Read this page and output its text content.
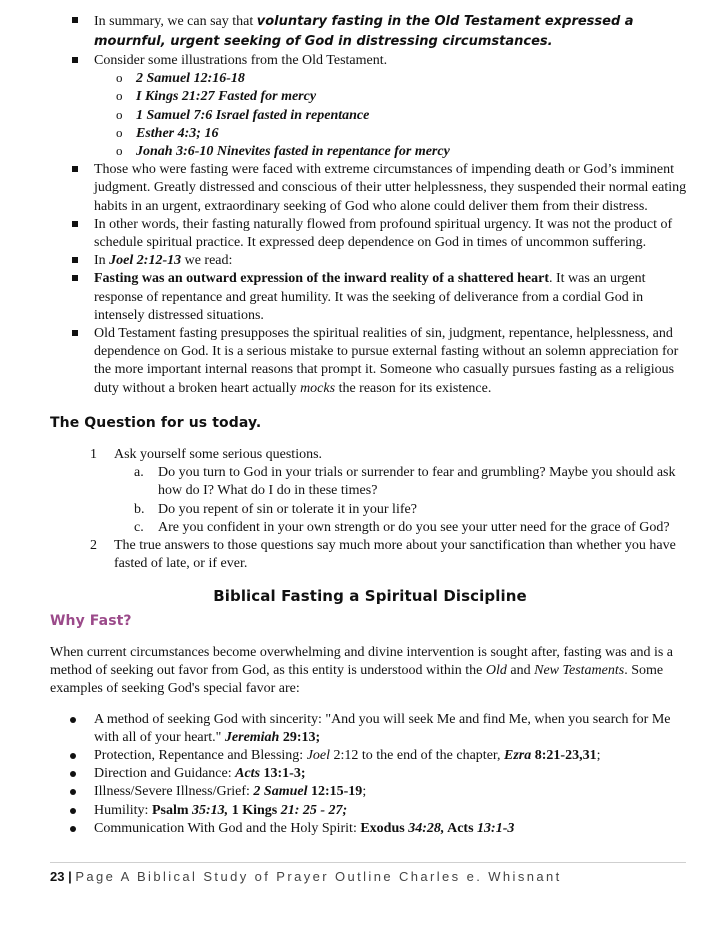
In summary, we can say that voluntary fasting in the Old Testament expressed a mournful, urgent seeking of God in distressing circumstances.
Consider some illustrations from the Old Testament.
o 2 Samuel 12:16-18
o I Kings 21:27 Fasted for mercy
o 1 Samuel 7:6 Israel fasted in repentance
o Esther 4:3; 16
o Jonah 3:6-10 Ninevites fasted in repentance for mercy
Those who were fasting were faced with extreme circumstances of impending death or God’s imminent judgment. Greatly distressed and conscious of their utter helplessness, they suspended their normal eating habits in an urgent, extraordinary seeking of God who alone could deliver them from their distress.
In other words, their fasting naturally flowed from profound spiritual urgency. It was not the product of schedule spiritual practice. It expressed deep dependence on God in times of uncommon suffering.
In Joel 2:12-13 we read:
Fasting was an outward expression of the inward reality of a shattered heart. It was an urgent response of repentance and great humility. It was the seeking of deliverance from a cordial God in intensely distressed situations.
Old Testament fasting presupposes the spiritual realities of sin, judgment, repentance, helplessness, and dependence on God. It is a serious mistake to pursue external fasting without an solemn appreciation for the more important internal reasons that prompt it. Someone who casually pursues fasting as a religious duty without a broken heart actually mocks the reason for its existence.
The Question for us today.
1 Ask yourself some serious questions.
a. Do you turn to God in your trials or surrender to fear and grumbling? Maybe you should ask how do I? What do I do in these times?
b. Do you repent of sin or tolerate it in your life?
c. Are you confident in your own strength or do you see your utter need for the grace of God?
2 The true answers to those questions say much more about your sanctification than whether you have fasted of late, or if ever.
Biblical Fasting a Spiritual Discipline
Why Fast?

When current circumstances become overwhelming and divine intervention is sought after, fasting was and is a method of seeking out favor from God, as this entity is understood within the Old and New Testaments. Some examples of seeking God's special favor are:

A method of seeking God with sincerity: "And you will seek Me and find Me, when you search for Me with all of your heart." Jeremiah 29:13;
Protection, Repentance and Blessing: Joel 2:12 to the end of the chapter, Ezra 8:21-23,31;
Direction and Guidance: Acts 13:1-3;
Illness/Severe Illness/Grief: 2 Samuel 12:15-19;
Humility: Psalm 35:13, 1 Kings 21: 25 - 27;
Communication With God and the Holy Spirit: Exodus 34:28, Acts 13:1-3
23 | Page A Biblical Study of Prayer Outline Charles e. Whisnant
